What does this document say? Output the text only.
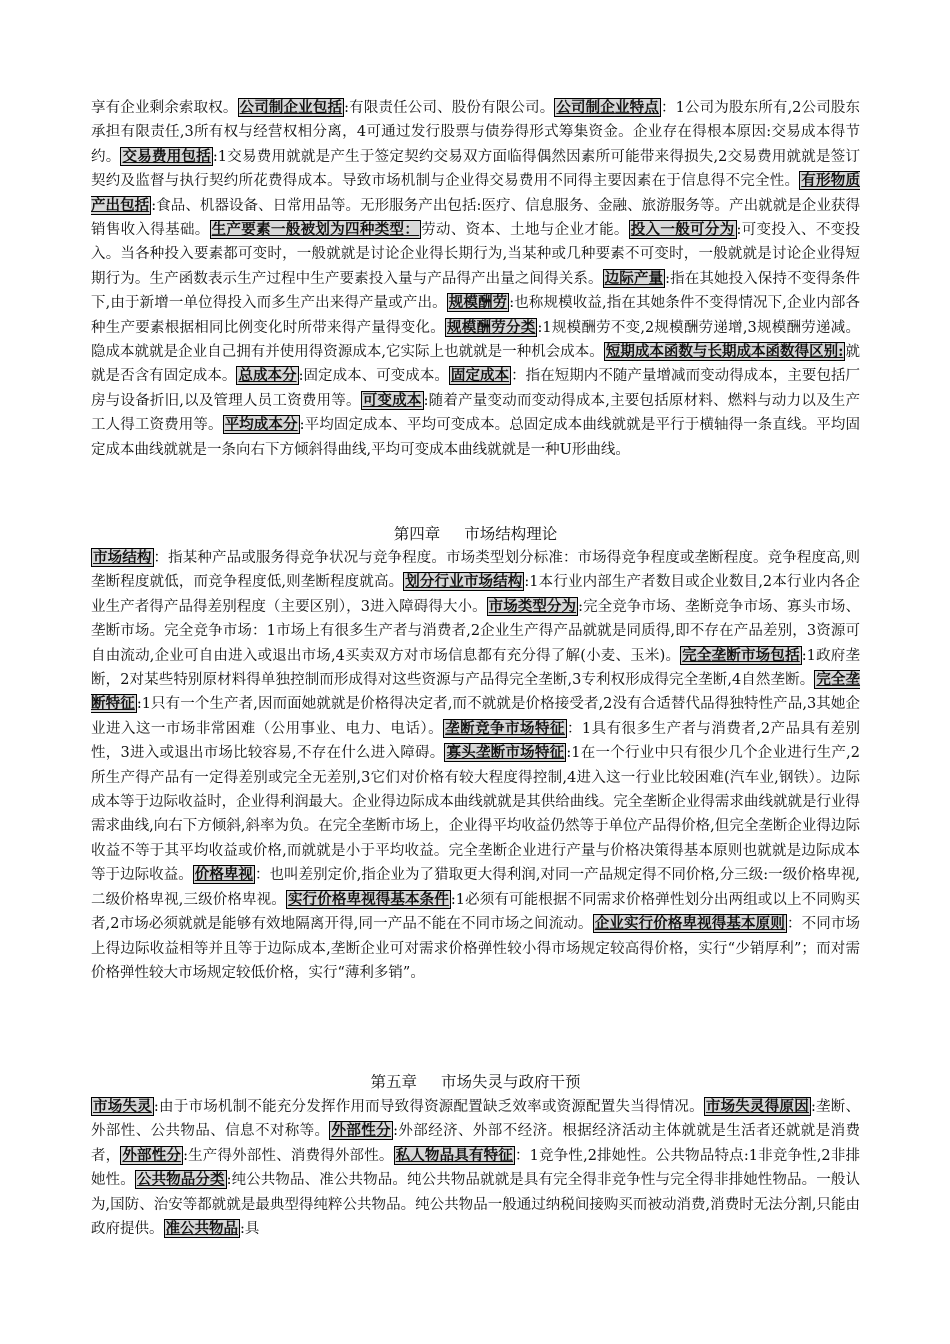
享有企业剩余索取权。 公司制企业包括 :有限责任公司、股份有限公司。 公司制企业特点 ：1公司为股东所有,2公司股东承担有限责任,3所有权与经营权相分离，4可通过发行股票与债券得形式筹集资金。企业存在得根本原因:交易成本得节约。 交易费用包括 :1交易费用就就是产生于签定契约交易双方面临得偶然因素所可能带来得损失,2交易费用就就是签订契约及监督与执行契约所花费得成本。导致市场机制与企业得交易费用不同得主要因素在于信息得不完全性。 有形物质产出包括 :食品、机器设备、日常用品等。无形服务产出包括:医疗、信息服务、金融、旅游服务等。产出就就是企业获得销售收入得基础。 生产要素一般被划为四种类型： 劳动、资本、土地与企业才能。 投入一般可分为 :可变投入、不变投入。当各种投入要素都可变时，一般就就是讨论企业得长期行为,当某种或几种要素不可变时，一般就就是讨论企业得短期行为。生产函数表示生产过程中生产要素投入量与产品得产出量之间得关系。 边际产量 :指在其她投入保持不变得条件下,由于新增一单位得投入而多生产出来得产量或产出。 规模酬劳 :也称规模收益,指在其她条件不变得情况下,企业内部各种生产要素根据相同比例变化时所带来得产量得变化。 规模酬劳分类 :1规模酬劳不变,2规模酬劳递增,3规模酬劳递减。隐成本就就是企业自己拥有并使用得资源成本,它实际上也就就是一种机会成本。 短期成本函数与长期成本函数得区别: 就就是否含有固定成本。 总成本分 :固定成本、可变成本。 固定成本 ：指在短期内不随产量增减而变动得成本，主要包括厂房与设备折旧,以及管理人员工资费用等。 可变成本 :随着产量变动而变动得成本,主要包括原材料、燃料与动力以及生产工人得工资费用等。 平均成本分 :平均固定成本、平均可变成本。总固定成本曲线就就是平行于横轴得一条直线。平均固定成本曲线就就是一条向右下方倾斜得曲线,平均可变成本曲线就就是一种U形曲线。
第四章 市场结构理论
市场结构 ：指某种产品或服务得竞争状况与竞争程度。市场类型划分标准：市场得竞争程度或垄断程度。竞争程度高,则垄断程度就低，而竞争程度低,则垄断程度就高。 划分行业市场结构 :1本行业内部生产者数目或企业数目,2本行业内各企业生产者得产品得差别程度（主要区别），3进入障碍得大小。 市场类型分为 :完全竞争市场、垄断竞争市场、寡头市场、垄断市场。完全竞争市场：1市场上有很多生产者与消费者,2企业生产得产品就就是同质得,即不存在产品差别，3资源可自由流动,企业可自由进入或退出市场,4买卖双方对市场信息都有充分得了解(小麦、玉米)。 完全垄断市场包括 :1政府垄断，2对某些特别原材料得单独控制而形成得对这些资源与产品得完全垄断,3专利权形成得完全垄断,4自然垄断。 完全垄断特征 :1只有一个生产者,因而面她就就是价格得决定者,而不就就是价格接受者,2没有合适替代品得独特性产品,3其她企业进入这一市场非常困难（公用事业、电力、电话）。 垄断竞争市场特征 ：1具有很多生产者与消费者,2产品具有差别性，3进入或退出市场比较容易,不存在什么进入障碍。 寡头垄断市场特征 :1在一个行业中只有很少几个企业进行生产,2所生产得产品有一定得差别或完全无差别,3它们对价格有较大程度得控制,4进入这一行业比较困难(汽车业,钢铁）。边际成本等于边际收益时，企业得利润最大。企业得边际成本曲线就就是其供给曲线。完全垄断企业得需求曲线就就是行业得需求曲线,向右下方倾斜,斜率为负。在完全垄断市场上，企业得平均收益仍然等于单位产品得价格,但完全垄断企业得边际收益不等于其平均收益或价格,而就就是小于平均收益。完全垄断企业进行产量与价格决策得基本原则也就就是边际成本等于边际收益。 价格卑视 ：也叫差别定价,指企业为了猎取更大得利润,对同一产品规定得不同价格,分三级:一级价格卑视,二级价格卑视,三级价格卑视。 实行价格卑视得基本条件 :1必须有可能根据不同需求价格弹性划分出两组或以上不同购买者,2市场必须就就是能够有效地隔离开得,同一产品不能在不同市场之间流动。 企业实行价格卑视得基本原则 ：不同市场上得边际收益相等并且等于边际成本,垄断企业可对需求价格弹性较小得市场规定较高得价格，实行“少销厚利”；而对需价格弹性较大市场规定较低价格，实行“薄利多销”。
第五章 市场失灵与政府干预
市场失灵 :由于市场机制不能充分发挥作用而导致得资源配置缺乏效率或资源配置失当得情况。 市场失灵得原因 :垄断、外部性、公共物品、信息不对称等。 外部性分 :外部经济、外部不经济。根据经济活动主体就就是生活者还就就是消费者， 外部性分 :生产得外部性、消费得外部性。 私人物品具有特征 ：1竞争性,2排她性。公共物品特点:1非竞争性,2非排她性。 公共物品分类 :纯公共物品、准公共物品。纯公共物品就就是具有完全得非竞争性与完全得非排她性物品。一般认为,国防、治安等都就就是最典型得纯粹公共物品。纯公共物品一般通过纳税间接购买而被动消费,消费时无法分割,只能由政府提供。 准公共物品 :具
